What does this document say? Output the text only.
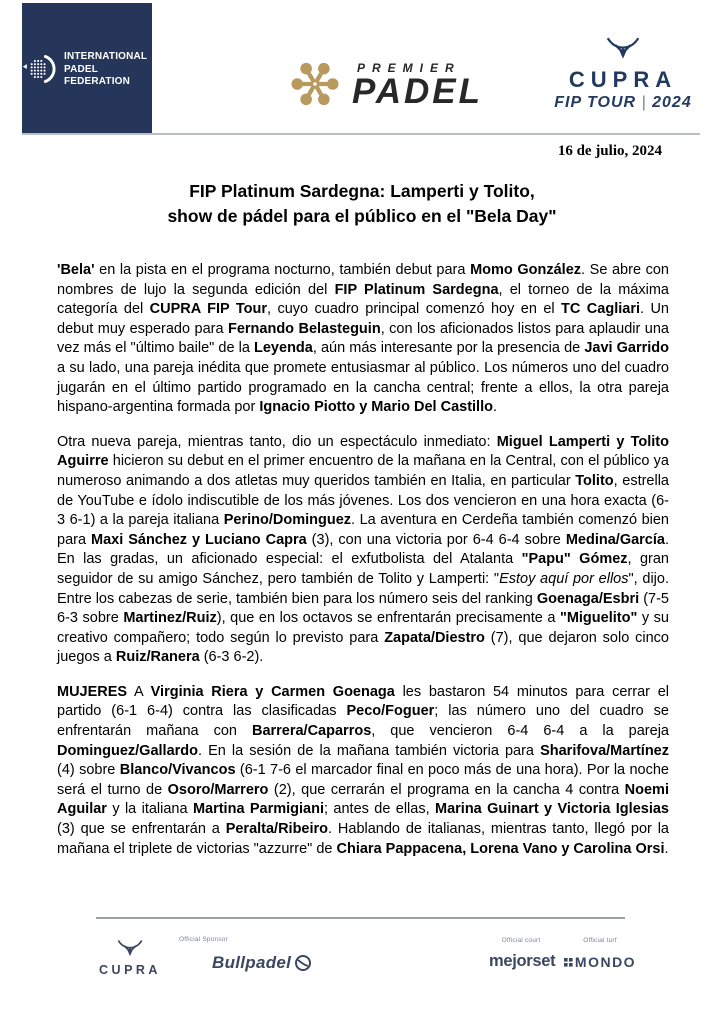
INTERNATIONAL
PADEL
FEDERATION
PREMIER
PADEL	CUPRA
FIP TOUR | 2024
16 de julio, 2024
FIP Platinum Sardegna: Lamperti y Tolito,
show de pádel para el público en el "Bela Day"

'Bela' en la pista en el programa nocturno, también debut para Momo González. Se abre con nombres de lujo la segunda edición del FIP Platinum Sardegna, el torneo de la máxima categoría del CUPRA FIP Tour, cuyo cuadro principal comenzó hoy en el TC Cagliari. Un debut muy esperado para Fernando Belasteguin, con los aficionados listos para aplaudir una vez más el "último baile" de la Leyenda, aún más interesante por la presencia de Javi Garrido a su lado, una pareja inédita que promete entusiasmar al público. Los números uno del cuadro jugarán en el último partido programado en la cancha central; frente a ellos, la otra pareja hispano-argentina formada por Ignacio Piotto y Mario Del Castillo.

Otra nueva pareja, mientras tanto, dio un espectáculo inmediato: Miguel Lamperti y Tolito Aguirre hicieron su debut en el primer encuentro de la mañana en la Central, con el público ya numeroso animando a dos atletas muy queridos también en Italia, en particular Tolito, estrella de YouTube e ídolo indiscutible de los más jóvenes. Los dos vencieron en una hora exacta (6-3 6-1) a la pareja italiana Perino/Dominguez. La aventura en Cerdeña también comenzó bien para Maxi Sánchez y Luciano Capra (3), con una victoria por 6-4 6-4 sobre Medina/García. En las gradas, un aficionado especial: el exfutbolista del Atalanta "Papu" Gómez, gran seguidor de su amigo Sánchez, pero también de Tolito y Lamperti: "Estoy aquí por ellos", dijo. Entre los cabezas de serie, también bien para los número seis del ranking Goenaga/Esbri (7-5 6-3 sobre Martinez/Ruiz), que en los octavos se enfrentarán precisamente a "Miguelito" y su creativo compañero; todo según lo previsto para Zapata/Diestro (7), que dejaron solo cinco juegos a Ruiz/Ranera (6-3 6-2).

MUJERES A Virginia Riera y Carmen Goenaga les bastaron 54 minutos para cerrar el partido (6-1 6-4) contra las clasificadas Peco/Foguer; las número uno del cuadro se enfrentarán mañana con Barrera/Caparros, que vencieron 6-4 6-4 a la pareja Dominguez/Gallardo. En la sesión de la mañana también victoria para Sharifova/Martínez (4) sobre Blanco/Vivancos (6-1 7-6 el marcador final en poco más de una hora). Por la noche será el turno de Osoro/Marrero (2), que cerrarán el programa en la cancha 4 contra Noemi Aguilar y la italiana Martina Parmigiani; antes de ellas, Marina Guinart y Victoria Iglesias (3) que se enfrentarán a Peralta/Ribeiro. Hablando de italianas, mientras tanto, llegó por la mañana el triplete de victorias "azzurre" de Chiara Pappacena, Lorena Vano y Carolina Orsi.

CUPRA
Official Sponsor
Bullpadel
Official court
mejorset
Official turf
MONDO
